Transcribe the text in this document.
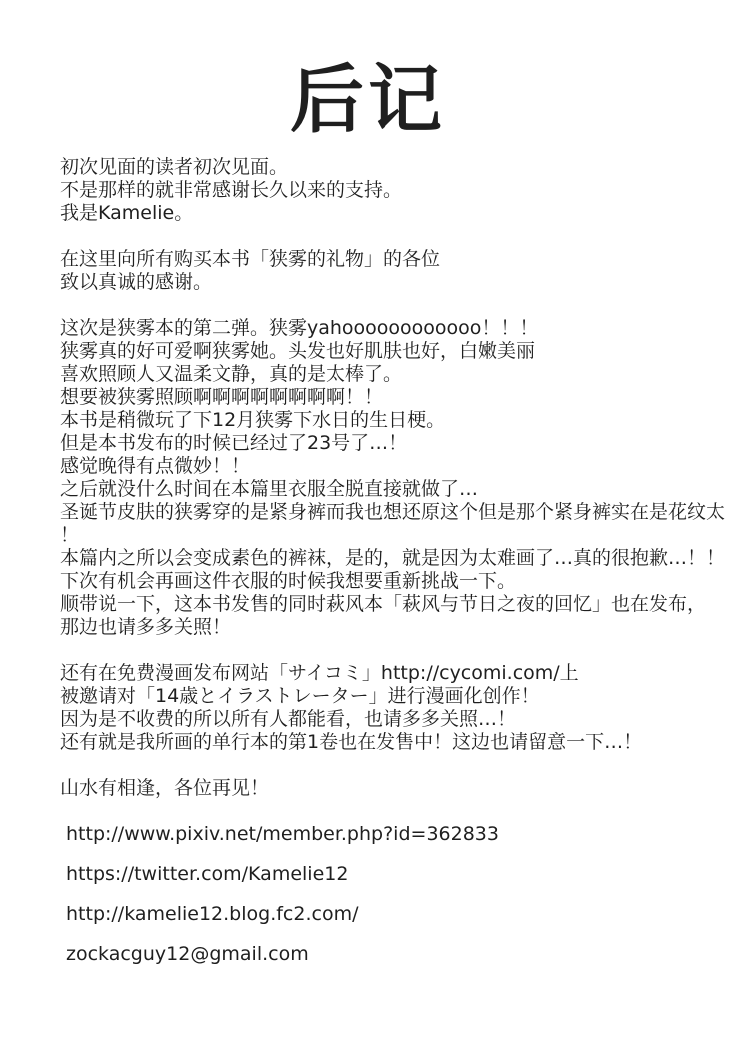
后记
初次见面的读者初次见面。
不是那样的就非常感谢长久以来的支持。
我是Kamelie。
在这里向所有购买本书「狭雾的礼物」的各位
致以真诚的感谢。
这次是狭雾本的第二弹。狭雾yahoooooooooooo！！！
狭雾真的好可爱啊狭雾她。头发也好肌肤也好，白嫩美丽
喜欢照顾人又温柔文静，真的是太棒了。
想要被狭雾照顾啊啊啊啊啊啊啊啊！！
本书是稍微玩了下12月狭雾下水日的生日梗。
但是本书发布的时候已经过了23号了…！
感觉晚得有点微妙！！
之后就没什么时间在本篇里衣服全脱直接就做了…
圣诞节皮肤的狭雾穿的是紧身裤而我也想还原这个但是那个紧身裤实在是花纹太
！
本篇内之所以会变成素色的裤袜，是的，就是因为太难画了…真的很抱歉…！！
下次有机会再画这件衣服的时候我想要重新挑战一下。
顺带说一下，这本书发售的同时萩风本「萩风与节日之夜的回忆」也在发布，
那边也请多多关照！
还有在免费漫画发布网站「サイコミ」http://cycomi.com/上
被邀请对「14歳とイラストレーター」进行漫画化创作！
因为是不收费的所以所有人都能看，也请多多关照…！
还有就是我所画的单行本的第1卷也在发售中！这边也请留意一下…！
山水有相逢，各位再见！
http://www.pixiv.net/member.php?id=362833
https://twitter.com/Kamelie12
http://kamelie12.blog.fc2.com/
zockacguy12@gmail.com
